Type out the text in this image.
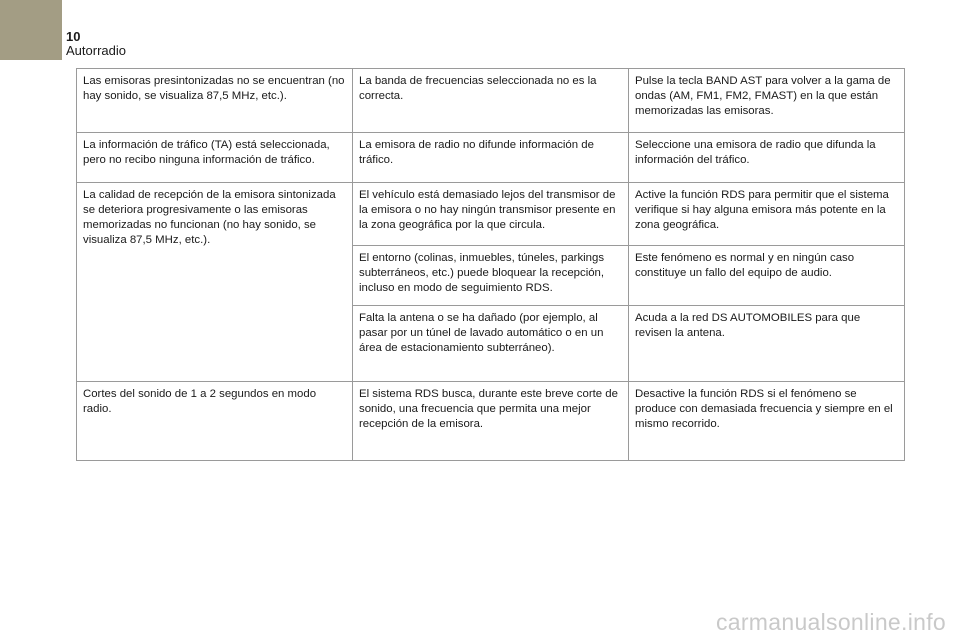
10
Autorradio
Las emisoras presintonizadas no se encuentran (no hay sonido, se visualiza 87,5 MHz, etc.).	La banda de frecuencias seleccionada no es la correcta.	Pulse la tecla BAND AST para volver a la gama de ondas (AM, FM1, FM2, FMAST) en la que están memorizadas las emisoras.
La información de tráfico (TA) está seleccionada, pero no recibo ninguna información de tráfico.	La emisora de radio no difunde información de tráfico.	Seleccione una emisora de radio que difunda la información del tráfico.
La calidad de recepción de la emisora sintonizada se deteriora progresivamente o las emisoras memorizadas no funcionan (no hay sonido, se visualiza 87,5 MHz, etc.).	El vehículo está demasiado lejos del transmisor de la emisora o no hay ningún transmisor presente en la zona geográfica por la que circula.	Active la función RDS para permitir que el sistema verifique si hay alguna emisora más potente en la zona geográfica.
	El entorno (colinas, inmuebles, túneles, parkings subterráneos, etc.) puede bloquear la recepción, incluso en modo de seguimiento RDS.	Este fenómeno es normal y en ningún caso constituye un fallo del equipo de audio.
	Falta la antena o se ha dañado (por ejemplo, al pasar por un túnel de lavado automático o en un área de estacionamiento subterráneo).	Acuda a la red DS AUTOMOBILES para que revisen la antena.
Cortes del sonido de 1 a 2 segundos en modo radio.	El sistema RDS busca, durante este breve corte de sonido, una frecuencia que permita una mejor recepción de la emisora.	Desactive la función RDS si el fenómeno se produce con demasiada frecuencia y siempre en el mismo recorrido.
carmanualsonline.info
